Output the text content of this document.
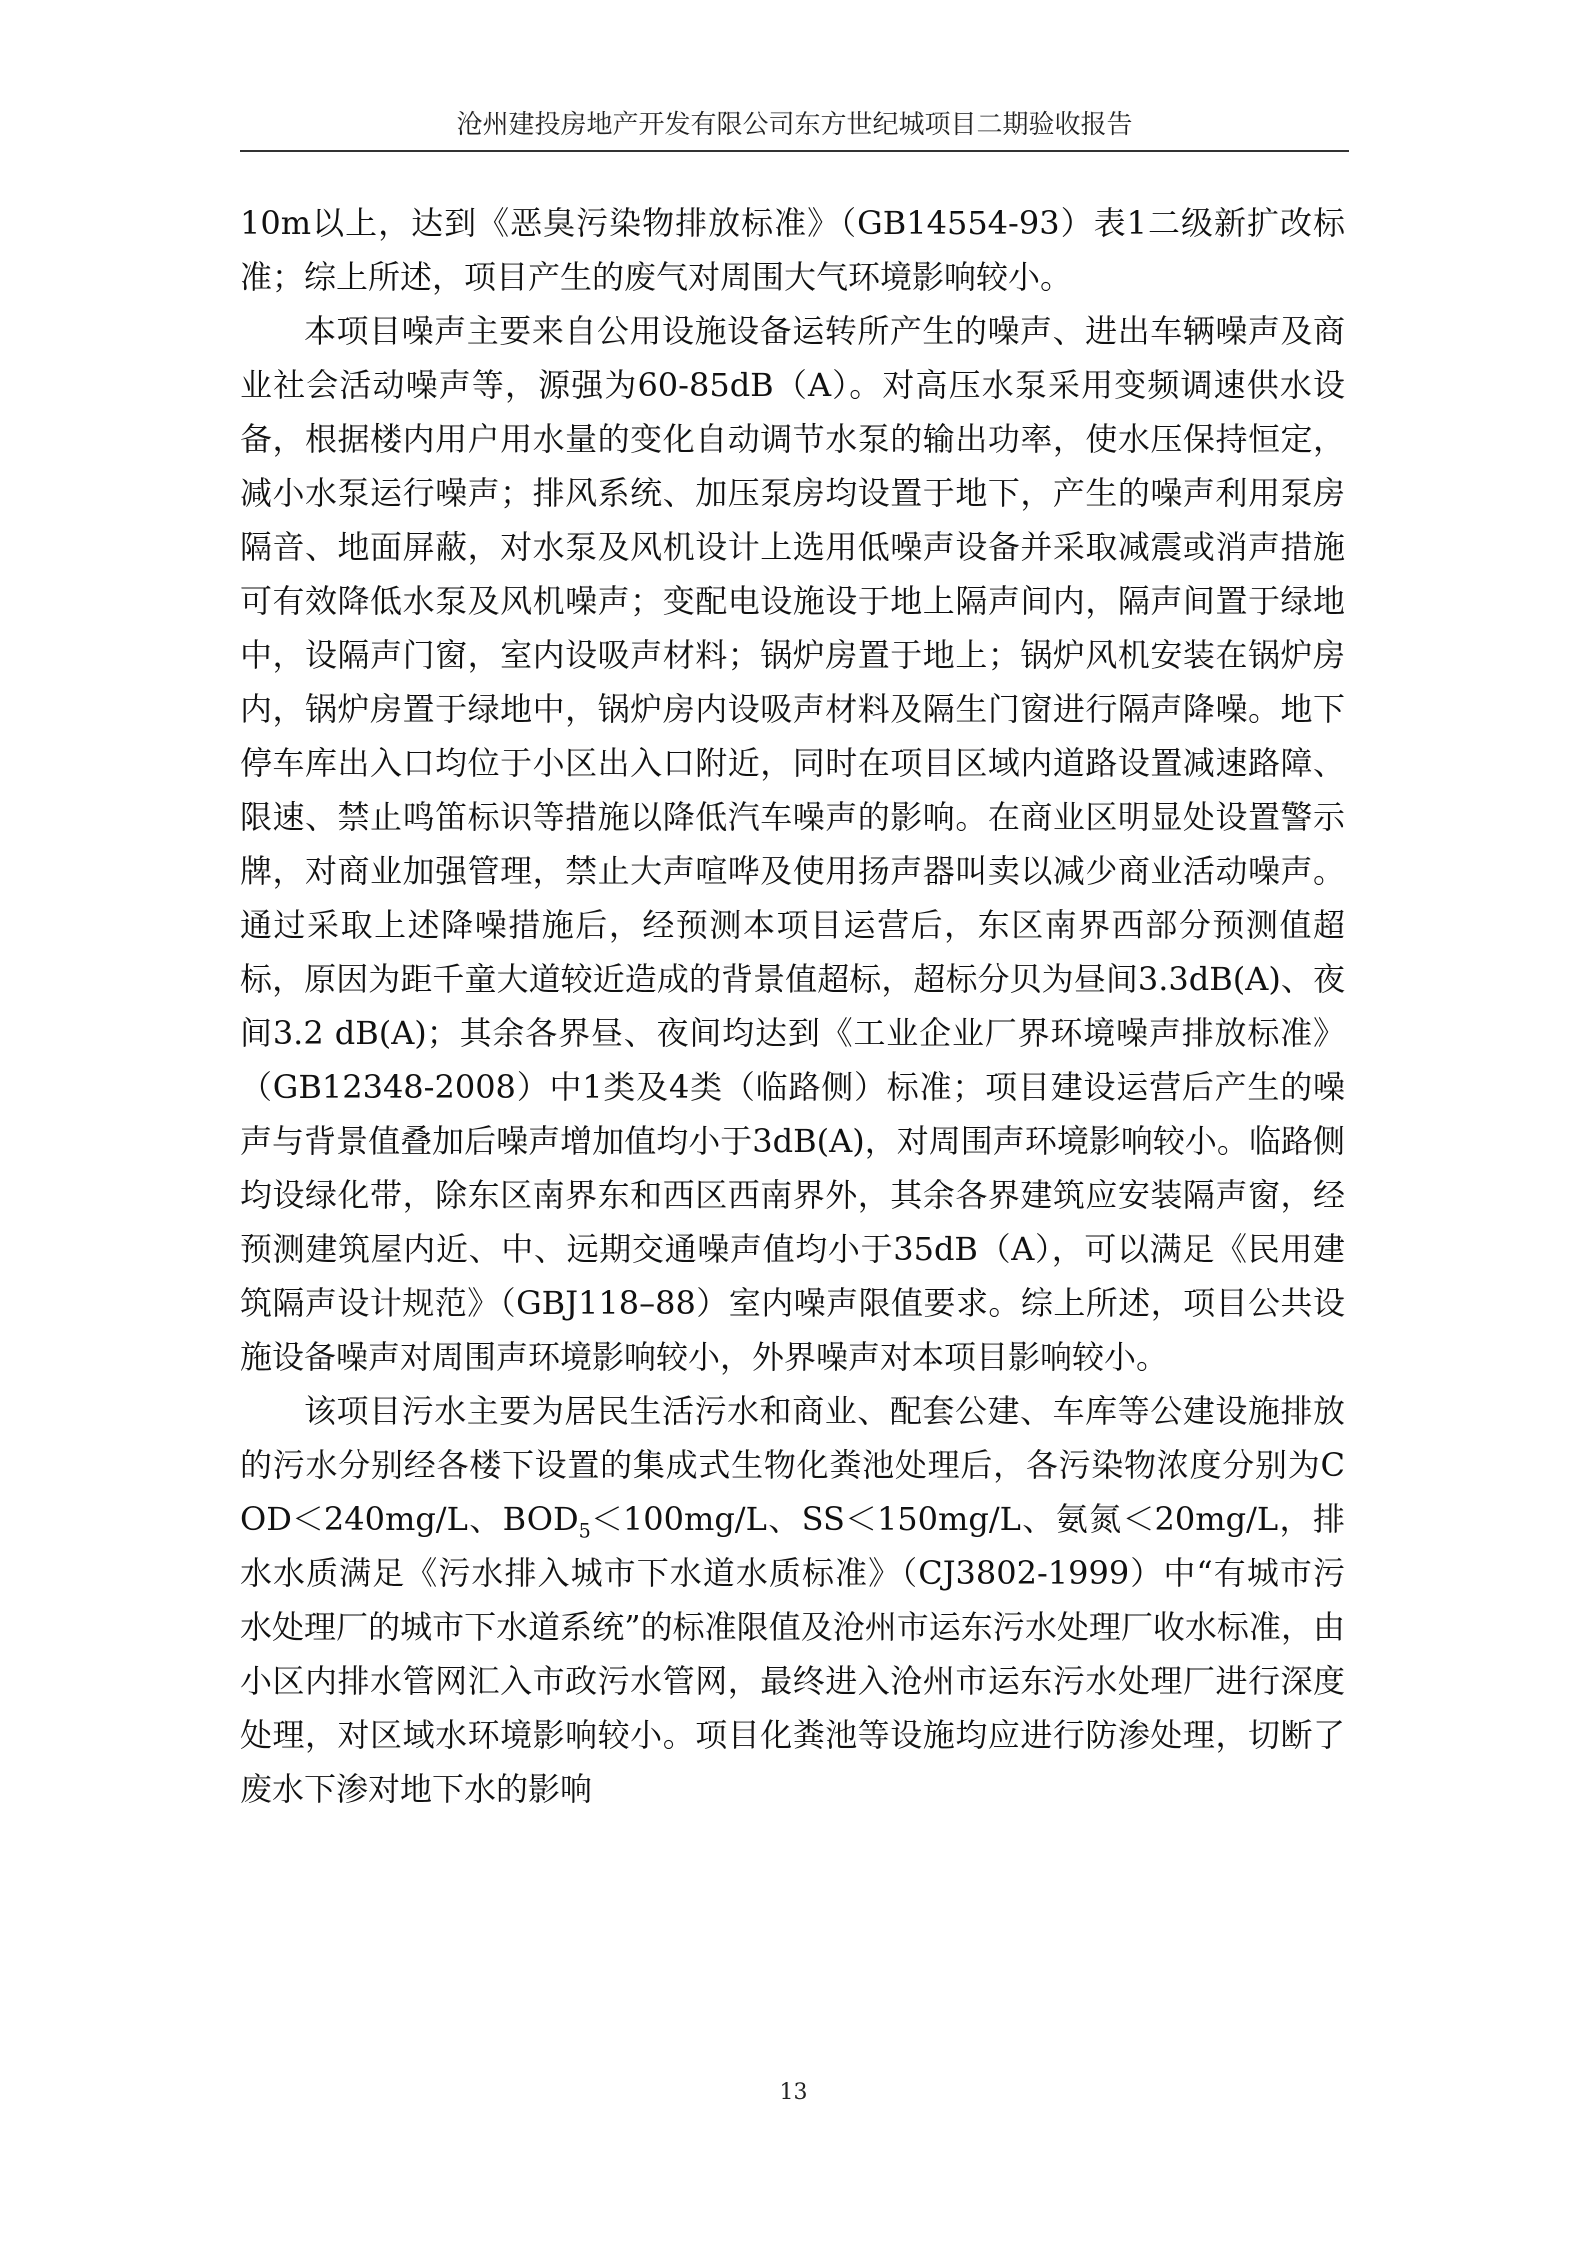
沧州建投房地产开发有限公司东方世纪城项目二期验收报告

10m以上，达到《恶臭污染物排放标准》（GB14554-93）表1二级新扩改标准；综上所述，项目产生的废气对周围大气环境影响较小。

本项目噪声主要来自公用设施设备运转所产生的噪声、进出车辆噪声及商业社会活动噪声等，源强为60-85dB（A）。对高压水泵采用变频调速供水设备，根据楼内用户用水量的变化自动调节水泵的输出功率，使水压保持恒定，减小水泵运行噪声；排风系统、加压泵房均设置于地下，产生的噪声利用泵房隔音、地面屏蔽，对水泵及风机设计上选用低噪声设备并采取减震或消声措施可有效降低水泵及风机噪声；变配电设施设于地上隔声间内，隔声间置于绿地中，设隔声门窗，室内设吸声材料；锅炉房置于地上；锅炉风机安装在锅炉房内，锅炉房置于绿地中，锅炉房内设吸声材料及隔生门窗进行隔声降噪。地下停车库出入口均位于小区出入口附近，同时在项目区域内道路设置减速路障、限速、禁止鸣笛标识等措施以降低汽车噪声的影响。在商业区明显处设置警示牌，对商业加强管理，禁止大声喧哗及使用扬声器叫卖以减少商业活动噪声。通过采取上述降噪措施后，经预测本项目运营后，东区南界西部分预测值超标，原因为距千童大道较近造成的背景值超标，超标分贝为昼间3.3dB(A)、夜间3.2 dB(A)；其余各界昼、夜间均达到《工业企业厂界环境噪声排放标准》（GB12348-2008）中1类及4类（临路侧）标准；项目建设运营后产生的噪声与背景值叠加后噪声增加值均小于3dB(A)，对周围声环境影响较小。临路侧均设绿化带，除东区南界东和西区西南界外，其余各界建筑应安装隔声窗，经预测建筑屋内近、中、远期交通噪声值均小于35dB（A），可以满足《民用建筑隔声设计规范》（GBJ118–88）室内噪声限值要求。综上所述，项目公共设施设备噪声对周围声环境影响较小，外界噪声对本项目影响较小。

该项目污水主要为居民生活污水和商业、配套公建、车库等公建设施排放的污水分别经各楼下设置的集成式生物化粪池处理后，各污染物浓度分别为COD＜240mg/L、$BOD_5<100mg/L$、SS＜150mg/L、氨氮＜20mg/L，排水水质满足《污水排入城市下水道水质标准》（CJ3802-1999）中“有城市污水处理厂的城市下水道系统”的标准限值及沧州市运东污水处理厂收水标准，由小区内排水管网汇入市政污水管网，最终进入沧州市运东污水处理厂进行深度处理，对区域水环境影响较小。项目化粪池等设施均应进行防渗处理，切断了废水下渗对地下水的影响

13
